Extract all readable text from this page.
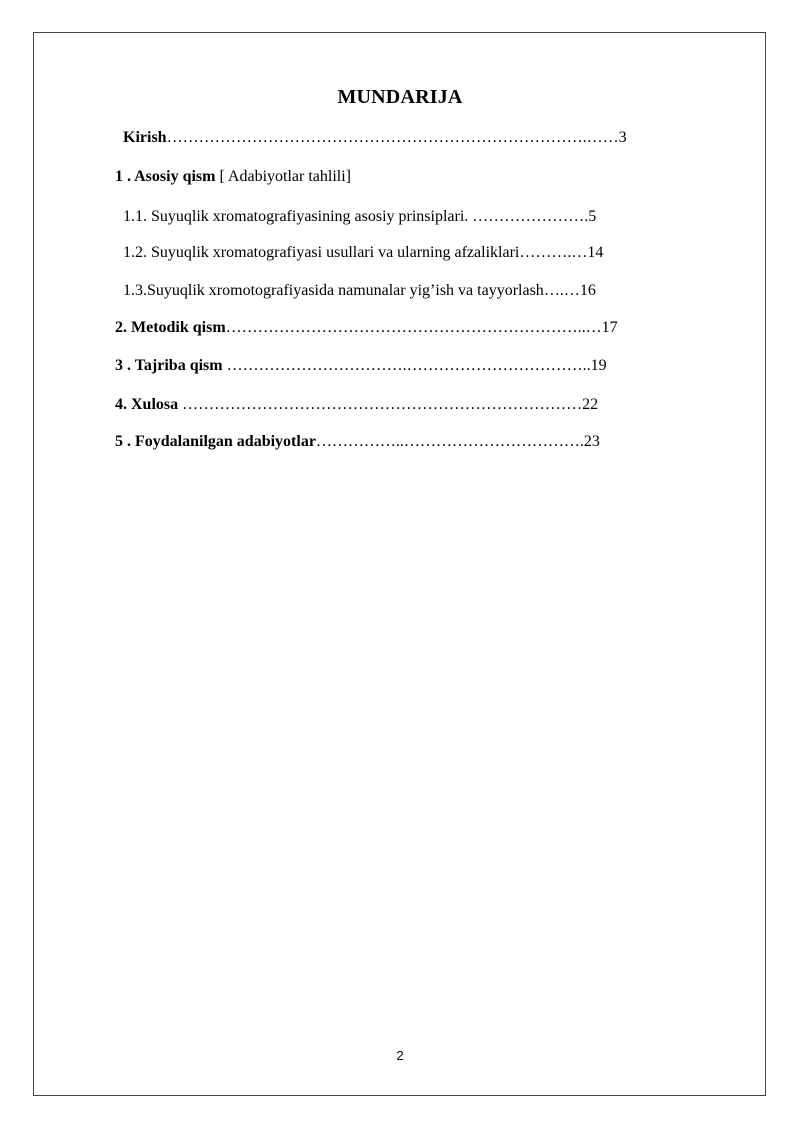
MUNDARIJA
Kirish…………………………………………………………………….……3
1 . Asosiy qism [ Adabiyotlar tahlili]
1.1. Suyuqlik xromatografiyasining asosiy prinsiplari. ………………….5
1.2. Suyuqlik xromatografiyasi usullari va ularning afzaliklari……….…14
1.3.Suyuqlik xromotografiyasida namunalar yig’ish va tayyorlash….…16
2. Metodik qism…………………………………………………………..…17
3 . Tajriba qism …………………………….……………………………..19
4. Xulosa …………………………………………………………………22
5 . Foydalanilgan adabiyotlar……………..…………………………….23
2
